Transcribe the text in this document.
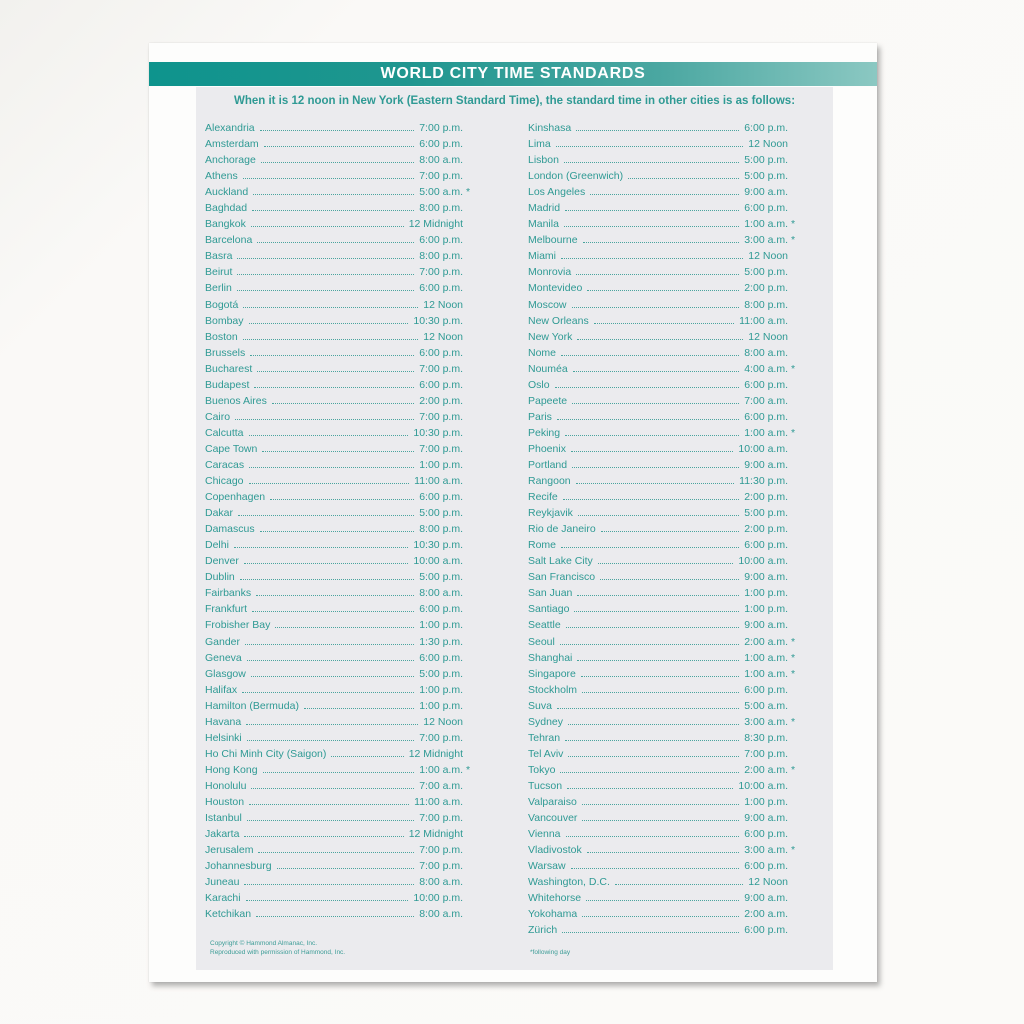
WORLD CITY TIME STANDARDS
When it is 12 noon in New York (Eastern Standard Time), the standard time in other cities is as follows:
Alexandria	7:00 p.m.
Amsterdam	6:00 p.m.
Anchorage	8:00 a.m.
Athens	7:00 p.m.
Auckland	5:00 a.m. *
Baghdad	8:00 p.m.
Bangkok	12 Midnight
Barcelona	6:00 p.m.
Basra	8:00 p.m.
Beirut	7:00 p.m.
Berlin	6:00 p.m.
Bogotá	12 Noon
Bombay	10:30 p.m.
Boston	12 Noon
Brussels	6:00 p.m.
Bucharest	7:00 p.m.
Budapest	6:00 p.m.
Buenos Aires	2:00 p.m.
Cairo	7:00 p.m.
Calcutta	10:30 p.m.
Cape Town	7:00 p.m.
Caracas	1:00 p.m.
Chicago	11:00 a.m.
Copenhagen	6:00 p.m.
Dakar	5:00 p.m.
Damascus	8:00 p.m.
Delhi	10:30 p.m.
Denver	10:00 a.m.
Dublin	5:00 p.m.
Fairbanks	8:00 a.m.
Frankfurt	6:00 p.m.
Frobisher Bay	1:00 p.m.
Gander	1:30 p.m.
Geneva	6:00 p.m.
Glasgow	5:00 p.m.
Halifax	1:00 p.m.
Hamilton (Bermuda)	1:00 p.m.
Havana	12 Noon
Helsinki	7:00 p.m.
Ho Chi Minh City (Saigon)	12 Midnight
Hong Kong	1:00 a.m. *
Honolulu	7:00 a.m.
Houston	11:00 a.m.
Istanbul	7:00 p.m.
Jakarta	12 Midnight
Jerusalem	7:00 p.m.
Johannesburg	7:00 p.m.
Juneau	8:00 a.m.
Karachi	10:00 p.m.
Ketchikan	8:00 a.m.
Kinshasa	6:00 p.m.
Lima	12 Noon
Lisbon	5:00 p.m.
London (Greenwich)	5:00 p.m.
Los Angeles	9:00 a.m.
Madrid	6:00 p.m.
Manila	1:00 a.m. *
Melbourne	3:00 a.m. *
Miami	12 Noon
Monrovia	5:00 p.m.
Montevideo	2:00 p.m.
Moscow	8:00 p.m.
New Orleans	11:00 a.m.
New York	12 Noon
Nome	8:00 a.m.
Nouméa	4:00 a.m. *
Oslo	6:00 p.m.
Papeete	7:00 a.m.
Paris	6:00 p.m.
Peking	1:00 a.m. *
Phoenix	10:00 a.m.
Portland	9:00 a.m.
Rangoon	11:30 p.m.
Recife	2:00 p.m.
Reykjavik	5:00 p.m.
Rio de Janeiro	2:00 p.m.
Rome	6:00 p.m.
Salt Lake City	10:00 a.m.
San Francisco	9:00 a.m.
San Juan	1:00 p.m.
Santiago	1:00 p.m.
Seattle	9:00 a.m.
Seoul	2:00 a.m. *
Shanghai	1:00 a.m. *
Singapore	1:00 a.m. *
Stockholm	6:00 p.m.
Suva	5:00 a.m.
Sydney	3:00 a.m. *
Tehran	8:30 p.m.
Tel Aviv	7:00 p.m.
Tokyo	2:00 a.m. *
Tucson	10:00 a.m.
Valparaiso	1:00 p.m.
Vancouver	9:00 a.m.
Vienna	6:00 p.m.
Vladivostok	3:00 a.m. *
Warsaw	6:00 p.m.
Washington, D.C.	12 Noon
Whitehorse	9:00 a.m.
Yokohama	2:00 a.m.
Zürich	6:00 p.m.
Copyright © Hammond Almanac, Inc.
Reproduced with permission of Hammond, Inc.	*following day
